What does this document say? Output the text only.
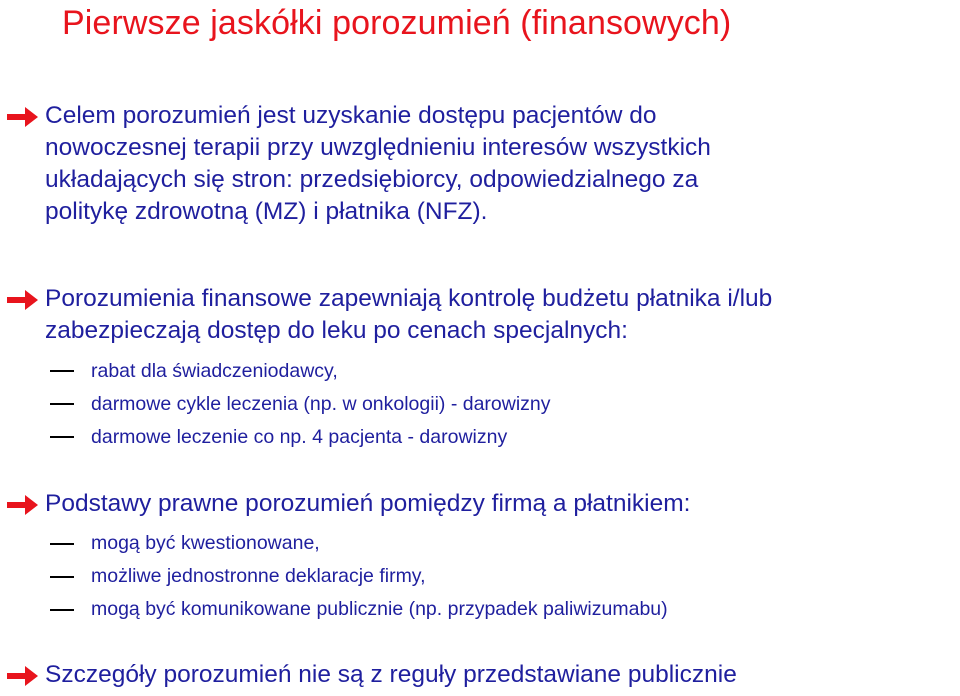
Pierwsze jaskółki porozumień (finansowych)
Celem porozumień jest uzyskanie dostępu pacjentów do
nowoczesnej terapii przy uwzględnieniu interesów wszystkich
układających się stron: przedsiębiorcy, odpowiedzialnego za
politykę zdrowotną (MZ) i płatnika (NFZ).
Porozumienia finansowe zapewniają kontrolę budżetu płatnika i/lub
zabezpieczają dostęp do leku po cenach specjalnych:
rabat dla świadczeniodawcy,
darmowe cykle leczenia (np. w onkologii) - darowizny
darmowe leczenie co np. 4 pacjenta - darowizny
Podstawy prawne porozumień pomiędzy firmą a płatnikiem:
mogą być kwestionowane,
możliwe jednostronne deklaracje firmy,
mogą być komunikowane publicznie (np. przypadek paliwizumabu)
Szczegóły porozumień nie są z reguły przedstawiane publicznie
